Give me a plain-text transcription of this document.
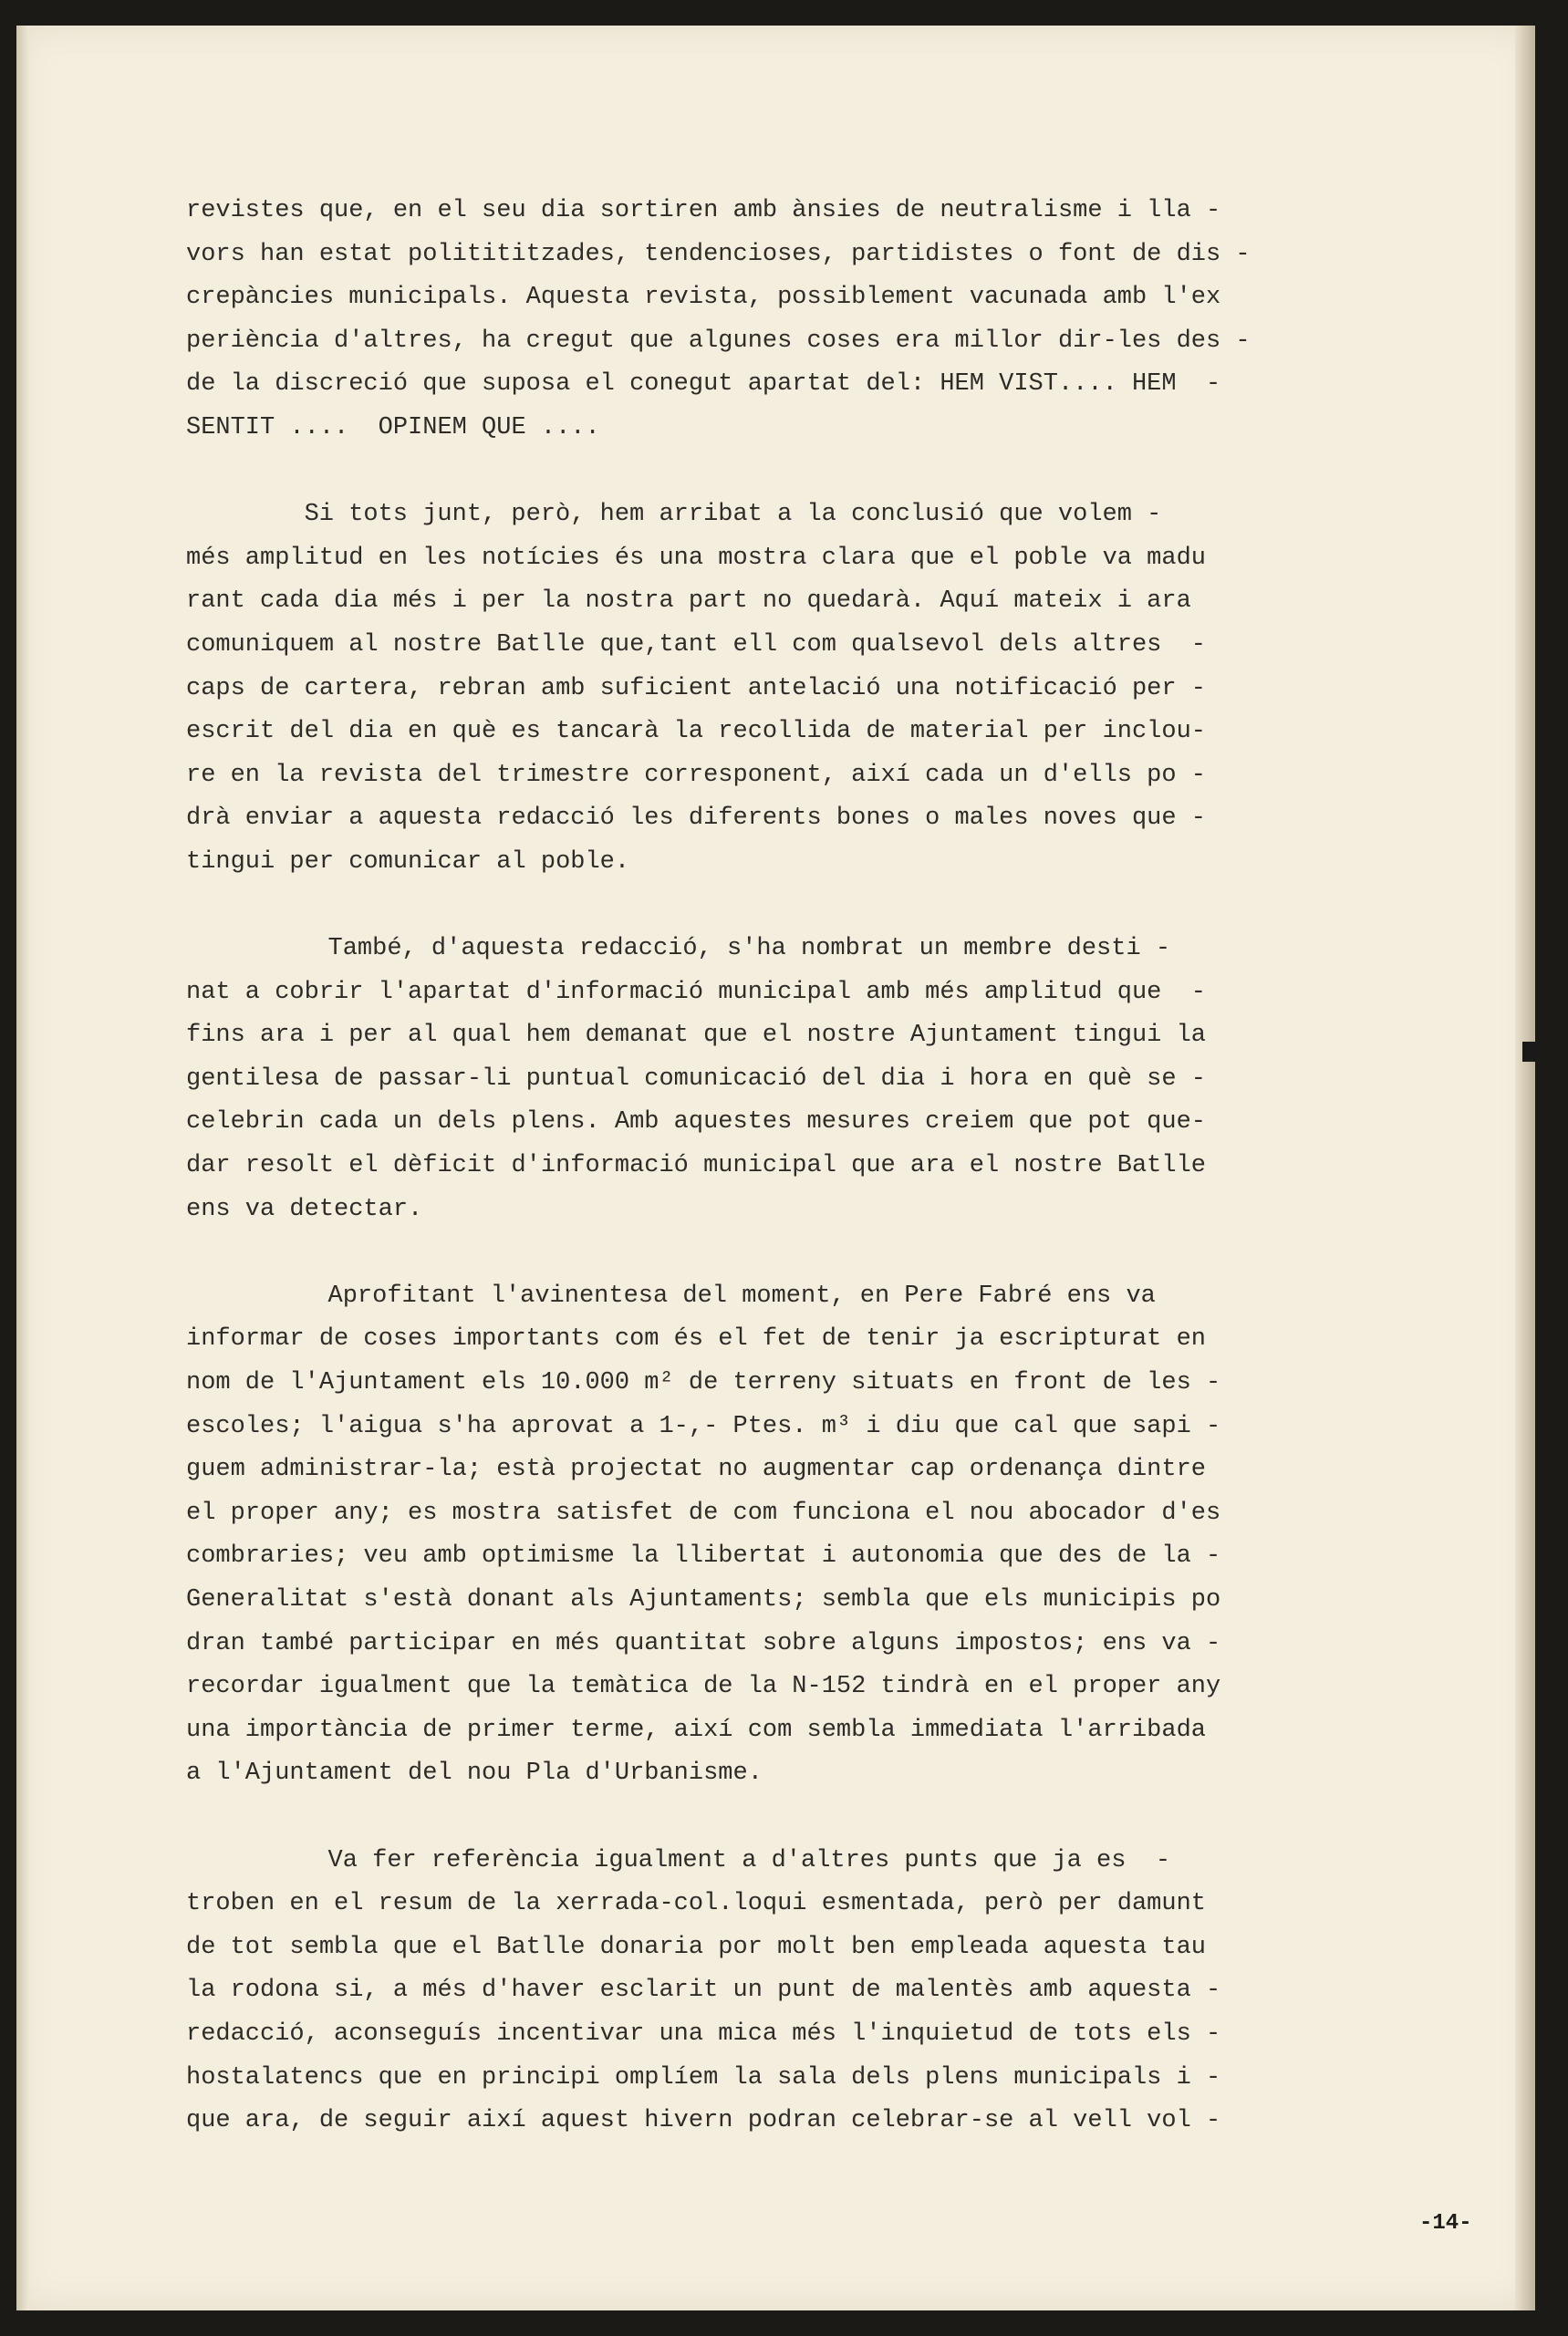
revistes que, en el seu dia sortiren amb ànsies de neutralisme i lla -
vors han estat politititzades, tendencioses, partidistes o font de dis -
crepàncies municipals. Aquesta revista, possiblement vacunada amb l'ex
periència d'altres, ha cregut que algunes coses era millor dir-les des -
de la discreció que suposa el conegut apartat del: HEM VIST.... HEM  -
SENTIT ....  OPINEM QUE ....
Si tots junt, però, hem arribat a la conclusió que volem -
més amplitud en les notícies és una mostra clara que el poble va madu
rant cada dia més i per la nostra part no quedarà. Aquí mateix i ara
comuniquem al nostre Batlle que,tant ell com qualsevol dels altres  -
caps de cartera, rebran amb suficient antelació una notificació per -
escrit del dia en què es tancarà la recollida de material per inclou-
re en la revista del trimestre corresponent, així cada un d'ells po -
drà enviar a aquesta redacció les diferents bones o males noves que -
tingui per comunicar al poble.
També, d'aquesta redacció, s'ha nombrat un membre desti -
nat a cobrir l'apartat d'informació municipal amb més amplitud que  -
fins ara i per al qual hem demanat que el nostre Ajuntament tingui la
gentilesa de passar-li puntual comunicació del dia i hora en què se -
celebrin cada un dels plens. Amb aquestes mesures creiem que pot que-
dar resolt el dèficit d'informació municipal que ara el nostre Batlle
ens va detectar.
Aprofitant l'avinentesa del moment, en Pere Fabré ens va
informar de coses importants com és el fet de tenir ja escripturat en
nom de l'Ajuntament els 10.000 m² de terreny situats en front de les -
escoles; l'aigua s'ha aprovat a 1-,- Ptes. m³ i diu que cal que sapi -
guem administrar-la; està projectat no augmentar cap ordenança dintre
el proper any; es mostra satisfet de com funciona el nou abocador d'es
combraries; veu amb optimisme la llibertat i autonomia que des de la -
Generalitat s'està donant als Ajuntaments; sembla que els municipis po
dran també participar en més quantitat sobre alguns impostos; ens va -
recordar igualment que la temàtica de la N-152 tindrà en el proper any
una importància de primer terme, així com sembla immediata l'arribada
a l'Ajuntament del nou Pla d'Urbanisme.
Va fer referència igualment a d'altres punts que ja es  -
troben en el resum de la xerrada-col.loqui esmentada, però per damunt
de tot sembla que el Batlle donaria por molt ben empleada aquesta tau
la rodona si, a més d'haver esclarit un punt de malentès amb aquesta -
redacció, aconseguís incentivar una mica més l'inquietud de tots els -
hostalatencs que en principi omplíem la sala dels plens municipals i -
que ara, de seguir així aquest hivern podran celebrar-se al vell vol -
-14-
